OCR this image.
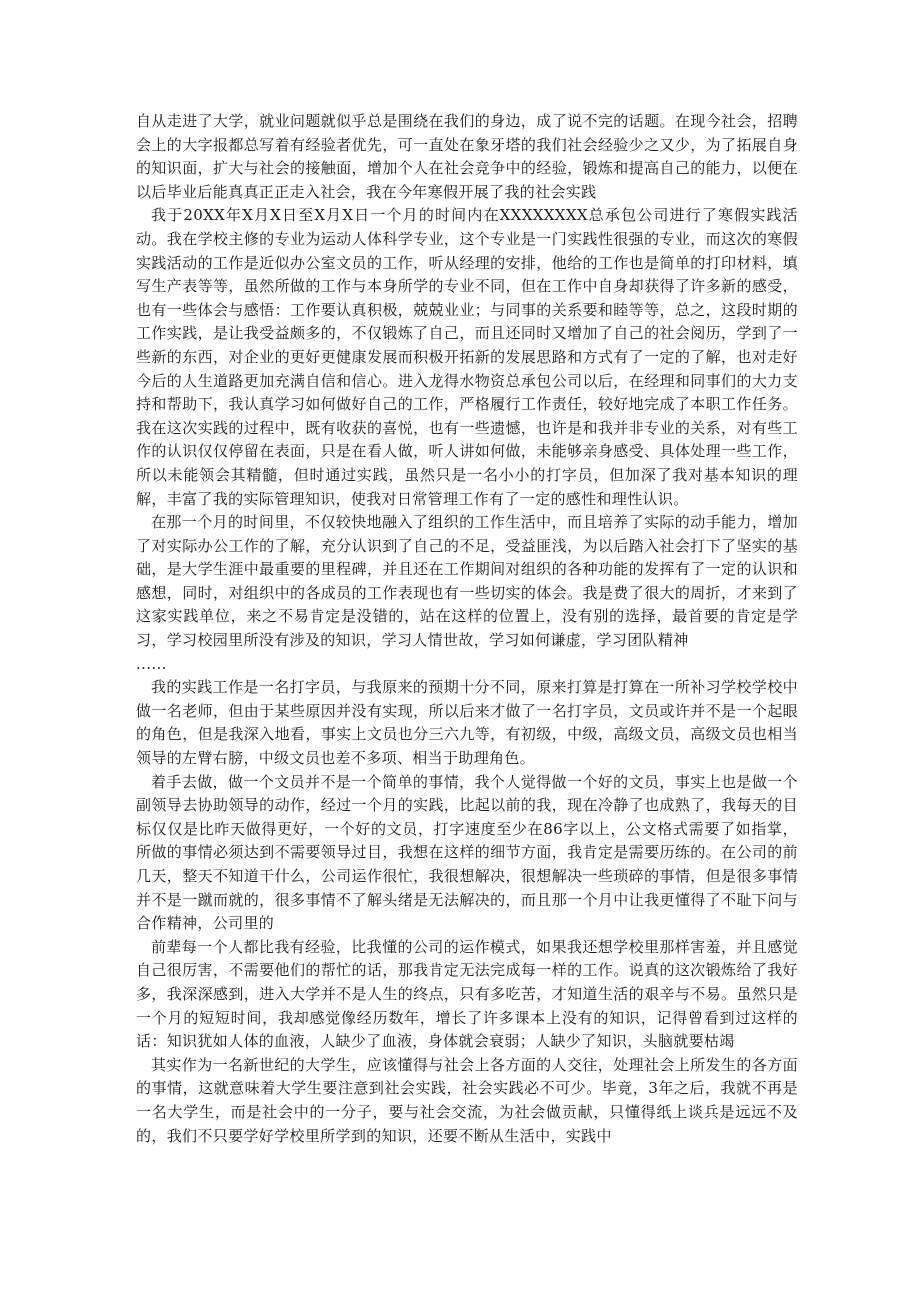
自从走进了大学，就业问题就似乎总是围绕在我们的身边，成了说不完的话题。在现今社会，招聘会上的大字报都总写着有经验者优先，可一直处在象牙塔的我们社会经验少之又少，为了拓展自身的知识面，扩大与社会的接触面，增加个人在社会竞争中的经验，锻炼和提高自己的能力，以便在以后毕业后能真真正正走入社会，我在今年寒假开展了我的社会实践

我于20XX年X月X日至X月X日一个月的时间内在XXXXXXXX总承包公司进行了寒假实践活动。我在学校主修的专业为运动人体科学专业，这个专业是一门实践性很强的专业，而这次的寒假实践活动的工作是近似办公室文员的工作，听从经理的安排，他给的工作也是简单的打印材料，填写生产表等等，虽然所做的工作与本身所学的专业不同，但在工作中自身却获得了许多新的感受，也有一些体会与感悟：工作要认真积极，兢兢业业；与同事的关系要和睦等等，总之，这段时期的工作实践，是让我受益颇多的，不仅锻炼了自己，而且还同时又增加了自己的社会阅历，学到了一些新的东西，对企业的更好更健康发展而积极开拓新的发展思路和方式有了一定的了解，也对走好今后的人生道路更加充满自信和信心。进入龙得水物资总承包公司以后，在经理和同事们的大力支持和帮助下，我认真学习如何做好自己的工作，严格履行工作责任，较好地完成了本职工作任务。我在这次实践的过程中，既有收获的喜悦，也有一些遗憾，也许是和我并非专业的关系，对有些工作的认识仅仅停留在表面，只是在看人做，听人讲如何做，未能够亲身感受、具体处理一些工作，所以未能领会其精髓，但时通过实践，虽然只是一名小小的打字员，但加深了我对基本知识的理解，丰富了我的实际管理知识，使我对日常管理工作有了一定的感性和理性认识。

在那一个月的时间里，不仅较快地融入了组织的工作生活中，而且培养了实际的动手能力，增加了对实际办公工作的了解，充分认识到了自己的不足，受益匪浅，为以后踏入社会打下了坚实的基础，是大学生涯中最重要的里程碑，并且还在工作期间对组织的各种功能的发挥有了一定的认识和感想，同时，对组织中的各成员的工作表现也有一些切实的体会。我是费了很大的周折，才来到了这家实践单位，来之不易肯定是没错的，站在这样的位置上，没有别的选择，最首要的肯定是学习，学习校园里所没有涉及的知识，学习人情世故，学习如何谦虚，学习团队精神

......

我的实践工作是一名打字员，与我原来的预期十分不同，原来打算是打算在一所补习学校学校中做一名老师，但由于某些原因并没有实现，所以后来才做了一名打字员，文员或许并不是一个起眼的角色，但是我深入地看，事实上文员也分三六九等，有初级，中级，高级文员，高级文员也相当领导的左臂右膀，中级文员也差不多项、相当于助理角色。

着手去做，做一个文员并不是一个简单的事情，我个人觉得做一个好的文员，事实上也是做一个副领导去协助领导的动作，经过一个月的实践，比起以前的我，现在冷静了也成熟了，我每天的目标仅仅是比昨天做得更好，一个好的文员，打字速度至少在86字以上，公文格式需要了如指掌，所做的事情必须达到不需要领导过目，我想在这样的细节方面，我肯定是需要历练的。在公司的前几天，整天不知道干什么，公司运作很忙，我很想解决，很想解决一些琐碎的事情，但是很多事情并不是一蹴而就的，很多事情不了解头绪是无法解决的，而且那一个月中让我更懂得了不耻下问与合作精神，公司里的

前辈每一个人都比我有经验，比我懂的公司的运作模式，如果我还想学校里那样害羞，并且感觉自己很厉害，不需要他们的帮忙的话，那我肯定无法完成每一样的工作。说真的这次锻炼给了我好多，我深深感到，进入大学并不是人生的终点，只有多吃苦，才知道生活的艰辛与不易。虽然只是一个月的短短时间，我却感觉像经历数年，增长了许多课本上没有的知识，记得曾看到过这样的话：知识犹如人体的血液，人缺少了血液，身体就会衰弱；人缺少了知识，头脑就要枯竭

其实作为一名新世纪的大学生，应该懂得与社会上各方面的人交往，处理社会上所发生的各方面的事情，这就意味着大学生要注意到社会实践，社会实践必不可少。毕竟，3年之后，我就不再是一名大学生，而是社会中的一分子，要与社会交流，为社会做贡献，只懂得纸上谈兵是远远不及的，我们不只要学好学校里所学到的知识，还要不断从生活中，实践中
